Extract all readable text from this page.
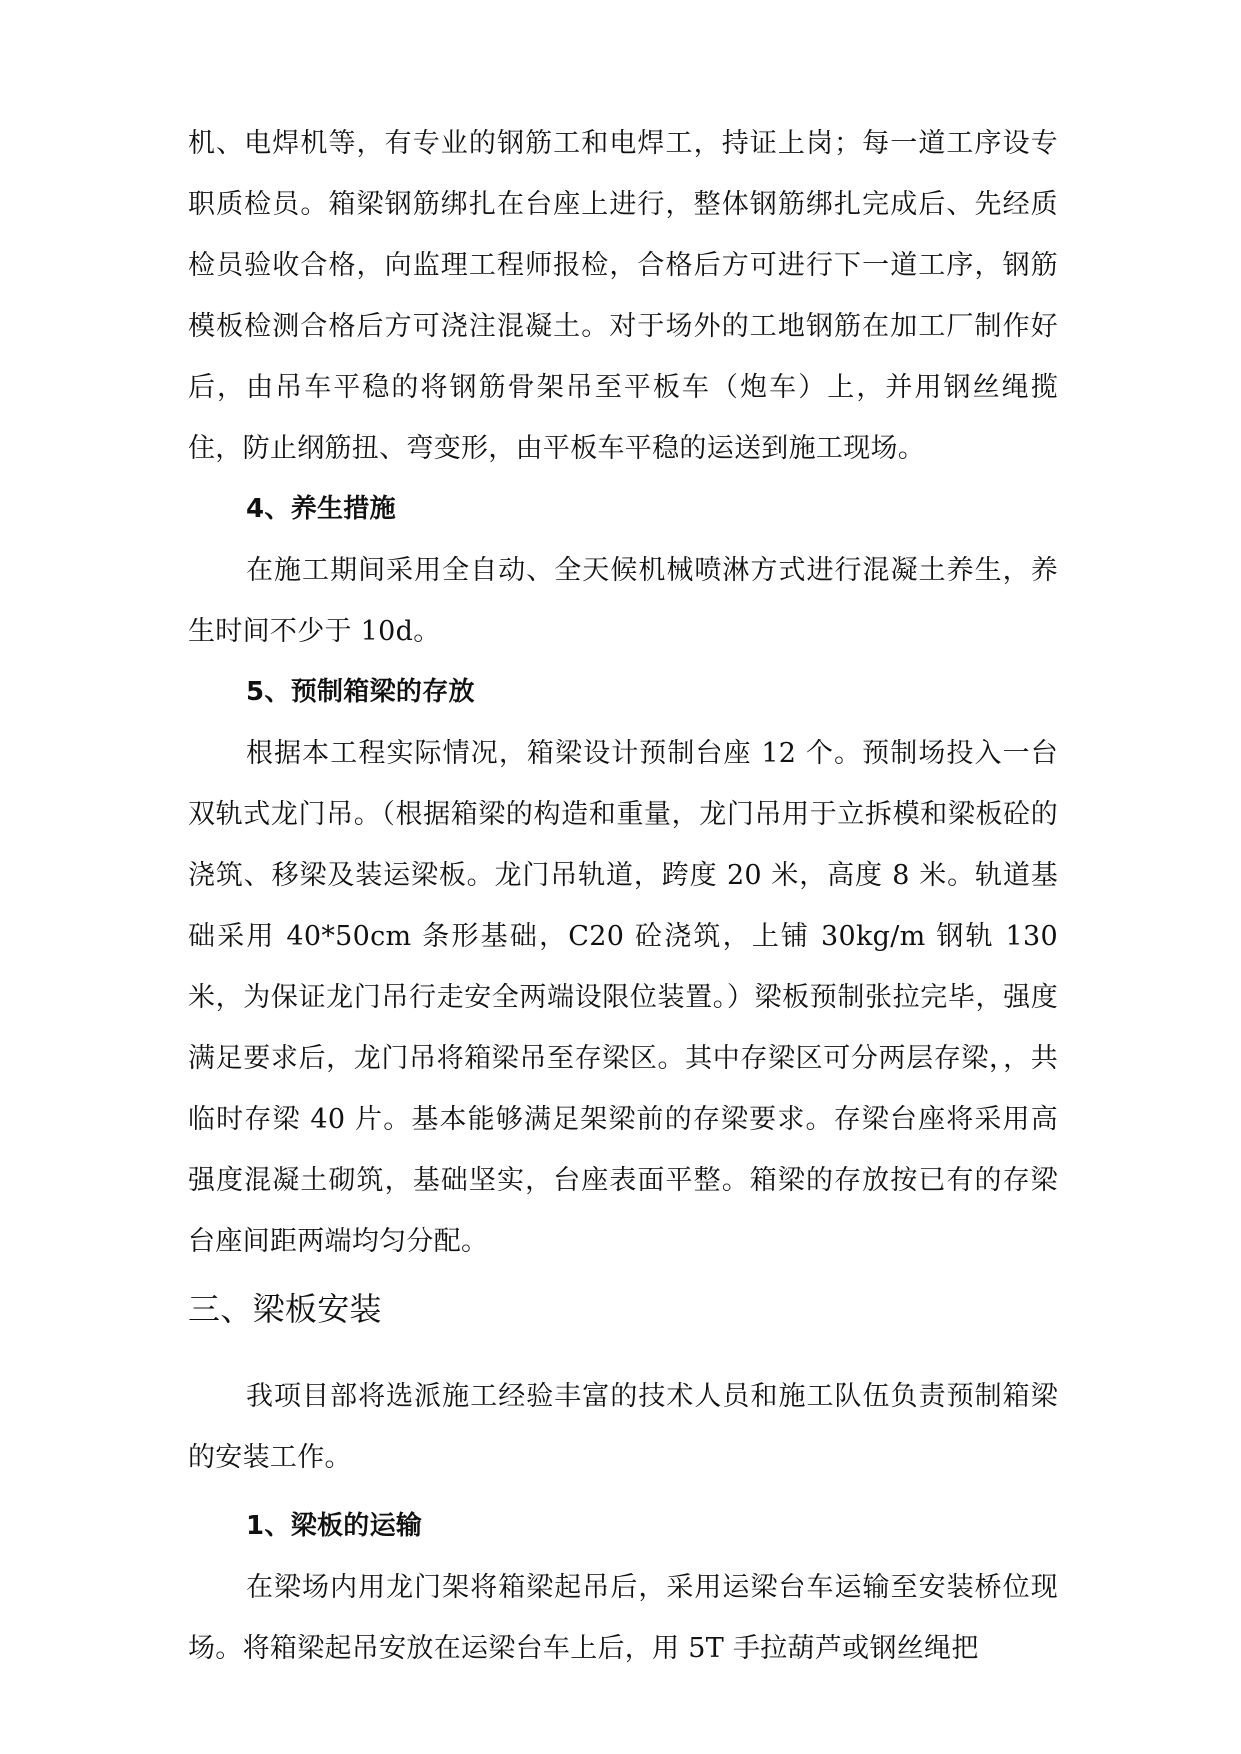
机、电焊机等，有专业的钢筋工和电焊工，持证上岗；每一道工序设专职质检员。箱梁钢筋绑扎在台座上进行，整体钢筋绑扎完成后、先经质检员验收合格，向监理工程师报检，合格后方可进行下一道工序，钢筋模板检测合格后方可浇注混凝土。对于场外的工地钢筋在加工厂制作好后，由吊车平稳的将钢筋骨架吊至平板车（炮车）上，并用钢丝绳揽住，防止纲筋扭、弯变形，由平板车平稳的运送到施工现场。

4、养生措施

在施工期间采用全自动、全天候机械喷淋方式进行混凝土养生，养生时间不少于 10d。

5、预制箱梁的存放

根据本工程实际情况，箱梁设计预制台座 12 个。预制场投入一台双轨式龙门吊。（根据箱梁的构造和重量，龙门吊用于立拆模和梁板砼的浇筑、移梁及装运梁板。龙门吊轨道，跨度 20 米，高度 8 米。轨道基础采用 40*50cm 条形基础，C20 砼浇筑，上铺 30kg/m 钢轨 130 米，为保证龙门吊行走安全两端设限位装置。）梁板预制张拉完毕，强度满足要求后，龙门吊将箱梁吊至存梁区。其中存梁区可分两层存梁，，共临时存梁 40 片。基本能够满足架梁前的存梁要求。存梁台座将采用高强度混凝土砌筑，基础坚实，台座表面平整。箱梁的存放按已有的存梁台座间距两端均匀分配。

三、梁板安装

我项目部将选派施工经验丰富的技术人员和施工队伍负责预制箱梁的安装工作。

1、梁板的运输

在梁场内用龙门架将箱梁起吊后，采用运梁台车运输至安装桥位现场。将箱梁起吊安放在运梁台车上后，用 5T 手拉葫芦或钢丝绳把
